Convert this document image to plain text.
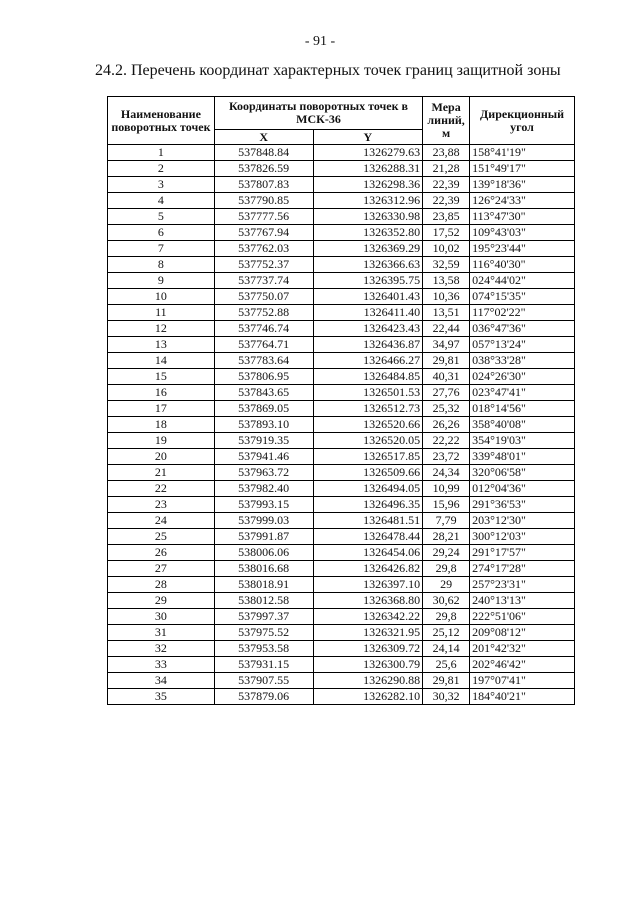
- 91 -
24.2. Перечень координат характерных точек границ защитной зоны
Наименование поворотных точек	Координаты поворотных точек в МСК-36		Мера линий, м	Дирекционный угол
	X	Y		
1	537848.84	1326279.63	23,88	158°41'19"
2	537826.59	1326288.31	21,28	151°49'17"
3	537807.83	1326298.36	22,39	139°18'36"
4	537790.85	1326312.96	22,39	126°24'33"
5	537777.56	1326330.98	23,85	113°47'30"
6	537767.94	1326352.80	17,52	109°43'03"
7	537762.03	1326369.29	10,02	195°23'44"
8	537752.37	1326366.63	32,59	116°40'30"
9	537737.74	1326395.75	13,58	024°44'02"
10	537750.07	1326401.43	10,36	074°15'35"
11	537752.88	1326411.40	13,51	117°02'22"
12	537746.74	1326423.43	22,44	036°47'36"
13	537764.71	1326436.87	34,97	057°13'24"
14	537783.64	1326466.27	29,81	038°33'28"
15	537806.95	1326484.85	40,31	024°26'30"
16	537843.65	1326501.53	27,76	023°47'41"
17	537869.05	1326512.73	25,32	018°14'56"
18	537893.10	1326520.66	26,26	358°40'08"
19	537919.35	1326520.05	22,22	354°19'03"
20	537941.46	1326517.85	23,72	339°48'01"
21	537963.72	1326509.66	24,34	320°06'58"
22	537982.40	1326494.05	10,99	012°04'36"
23	537993.15	1326496.35	15,96	291°36'53"
24	537999.03	1326481.51	7,79	203°12'30"
25	537991.87	1326478.44	28,21	300°12'03"
26	538006.06	1326454.06	29,24	291°17'57"
27	538016.68	1326426.82	29,8	274°17'28"
28	538018.91	1326397.10	29	257°23'31"
29	538012.58	1326368.80	30,62	240°13'13"
30	537997.37	1326342.22	29,8	222°51'06"
31	537975.52	1326321.95	25,12	209°08'12"
32	537953.58	1326309.72	24,14	201°42'32"
33	537931.15	1326300.79	25,6	202°46'42"
34	537907.55	1326290.88	29,81	197°07'41"
35	537879.06	1326282.10	30,32	184°40'21"
